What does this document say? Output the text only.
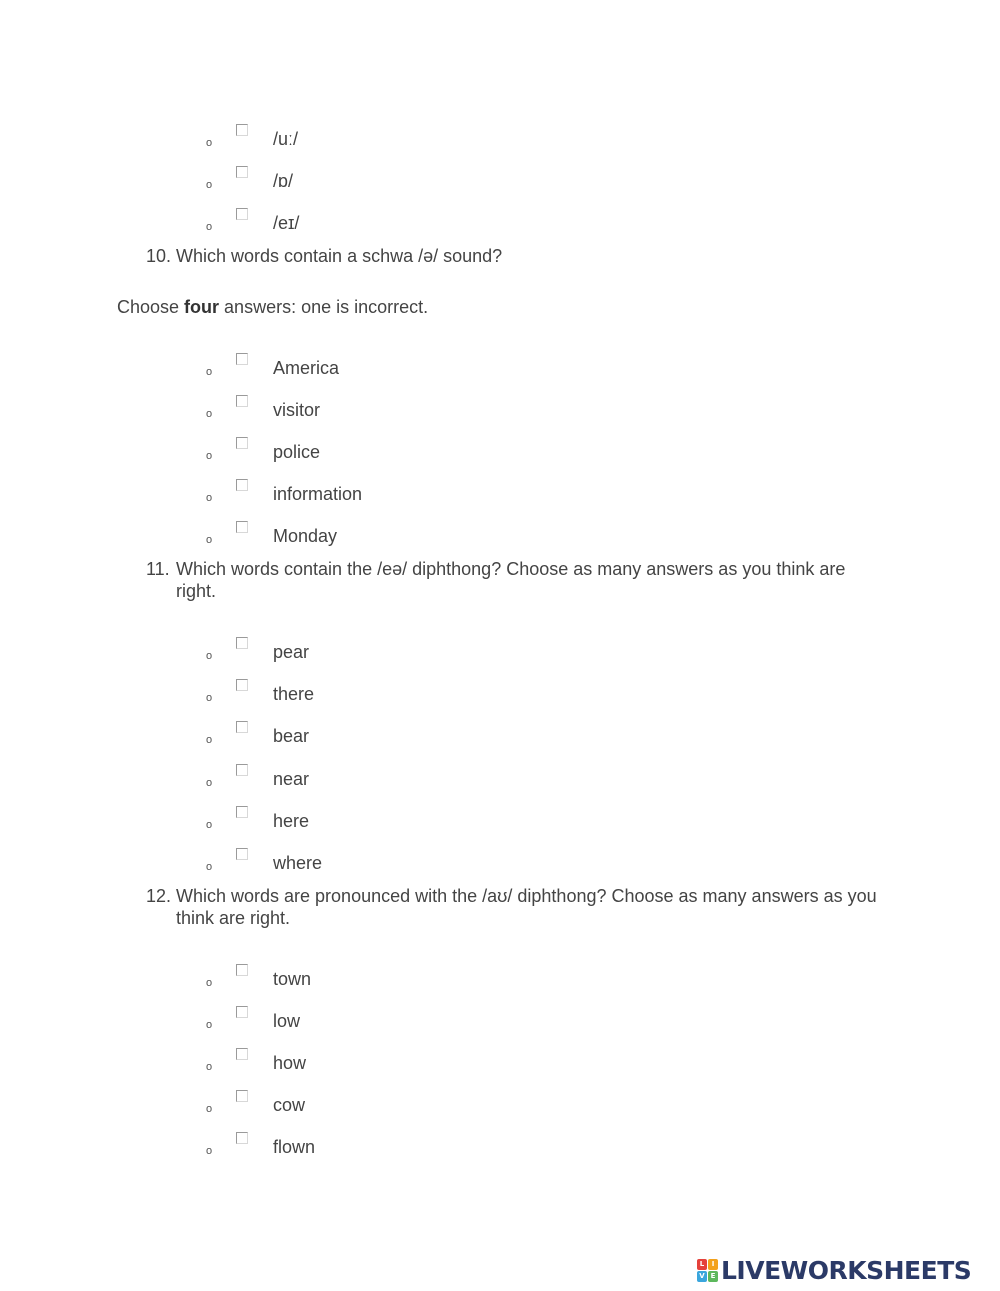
o	/uː/
o	/ɒ/
o	/eɪ/
10. Which words contain a schwa /ə/ sound?
Choose four answers: one is incorrect.
o	America
o	visitor
o	police
o	information
o	Monday
11. Which words contain the /eə/ diphthong? Choose as many answers as you think are right.
o	pear
o	there
o	bear
o	near
o	here
o	where
12. Which words are pronounced with the /aʊ/ diphthong? Choose as many answers as you think are right.
o	town
o	low
o	how
o	cow
o	flown
L	I
V E LIVEWORKSHEETS
